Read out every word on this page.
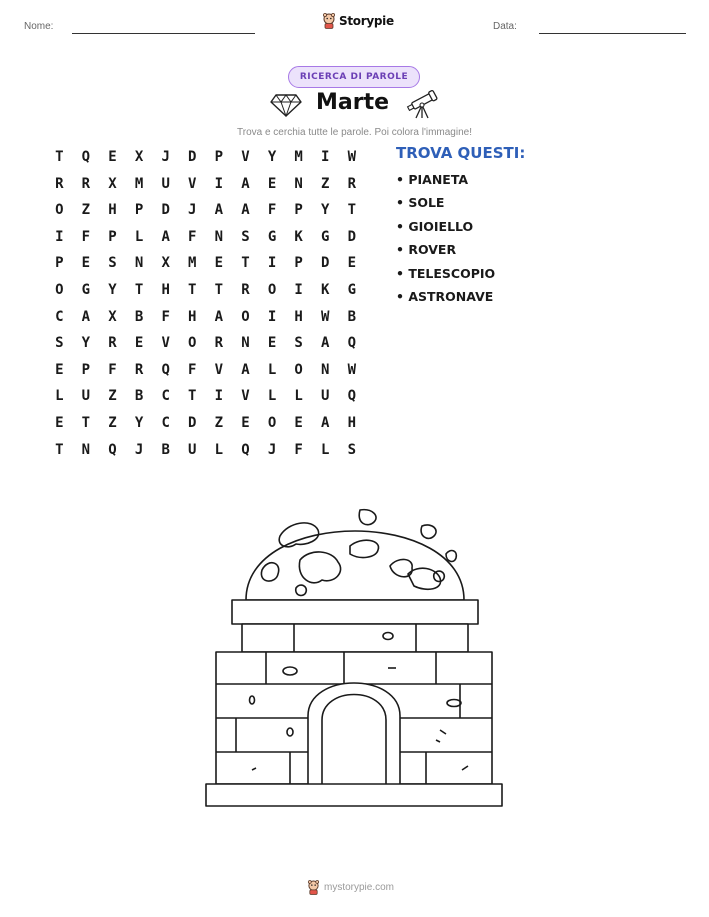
Nome:	Storypie	Data:
RICERCA DI PAROLE
Marte
Trova e cerchia tutte le parole. Poi colora l'immagine!
T	Q	E	X	J	D	P	V	Y	M	I	W
R	R	X	M	U	V	I	A	E	N	Z	R
O	Z	H	P	D	J	A	A	F	P	Y	T
I	F	P	L	A	F	N	S	G	K	G	D
P	E	S	N	X	M	E	T	I	P	D	E
O	G	Y	T	H	T	T	R	O	I	K	G
C	A	X	B	F	H	A	O	I	H	W	B
S	Y	R	E	V	O	R	N	E	S	A	Q
E	P	F	R	Q	F	V	A	L	O	N	W
L	U	Z	B	C	T	I	V	L	L	U	Q
E	T	Z	Y	C	D	Z	E	O	E	A	H
T	N	Q	J	B	U	L	Q	J	F	L	S
TROVA QUESTI:
• PIANETA
• SOLE
• GIOIELLO
• ROVER
• TELESCOPIO
• ASTRONAVE
mystorypie.com
